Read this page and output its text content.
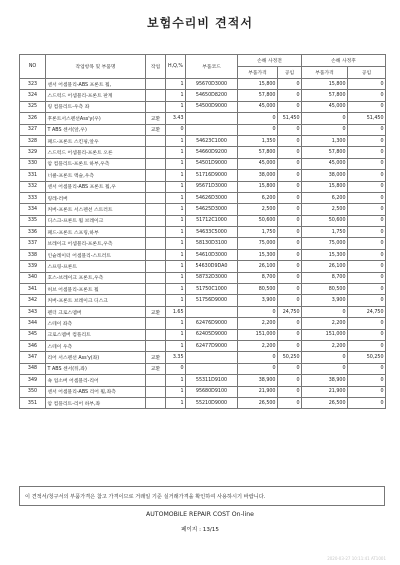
보험수리비 견적서
NO	작업항목 및 부품명	작업	H,Q,%	부품코드	손해 사정전		손해 사정후	
					부품가격	공임	부품가격	공임
323	센서 어셈블리-ABS 프론트 휠,		1	95670D3000	15,800	0	15,800	0
324	스드럭드 어셈블리-프론트 판계		1	54650D8200	57,800	0	57,800	0
325	링 컴플리트-우측 좌		1	54500D9000	45,000	0	45,000	0
326	후론트서스펜션Ass'y(우)	교환	3.43		0	51,450	0	51,450
327	T ABS 센서(앞,우)	교환	0		0	0	0	0
328	패드-프론트 스킨핑,앞우		1	54623C1000	1,350	0	1,300	0
329	스드럭드 어셈블리-프론트 오른		1	54660D9200	57,800	0	57,800	0
330	암 컴플리트-프론트 하부,우측		1	54501D9000	45,000	0	45,000	0
331	너클-프론트 액슬,우측		1	51716D9000	38,000	0	38,000	0
332	센서 어셈블리-ABS 프론트 휠,우		1	95671D3000	15,800	0	15,800	0
333	링레-러버		1	54626D3000	6,200	0	6,200	0
334	커버-프론트 서스펜션 스트러트		1	54625D3000	2,500	0	2,500	0
335	디스크-프론트 휠 브레이크		1	51712C1000	50,600	0	50,600	0
336	패드-프론트 스프링,하부		1	54633C5000	1,750	0	1,750	0
337	브레이크 어셈블리-프론트,우측		1	58130D3100	75,000	0	75,000	0
338	인슐레이터 어셈블리-스트러트		1	54610D3000	15,300	0	15,300	0
339	스프링-프론트		1	54630D9DA0	26,100	0	26,100	0
340	호스-브레이크 프론트,우측		1	58732D3000	8,700	0	8,700	0
341	허브 어셈블리-프론트 휠		1	51750C1000	80,500	0	80,500	0
342	커버-프론트 브레이크 디스크		1	51756D9000	3,900	0	3,900	0
343	펜더 크로스멤버	교환	1.65		0	24,750	0	24,750
344	스테이 좌측		1	62476D9000	2,200	0	2,200	0
345	크로스멤버 컴플리트		1	62405D9000	151,000	0	151,000	0
346	스테이 우측		1	62477D9000	2,200	0	2,200	0
347	리어 서스펜션 Ass'y(좌)	교환	3.35		0	50,250	0	50,250
348	T ABS 센서(뒤,좌)	교환	0		0	0	0	0
349	쇽 업소버 어셈블리-리어		1	55311D9100	38,900	0	38,900	0
350	센서 어셈블리-ABS 리어 휠,좌측		1	95680D9100	21,900	0	21,900	0
351	암 컴플리트-리어 하부,좌		1	55210D9000	26,500	0	26,500	0
이 견적서/청구서의 부품가격은 참고 가격이므로 거래일 기준 실거래가격을 확인하여 사용하시기 바랍니다.
AUTOMOBILE REPAIR COST On-line
페이지 : 13/15
2020-03-27 10:11:41 AT1001
